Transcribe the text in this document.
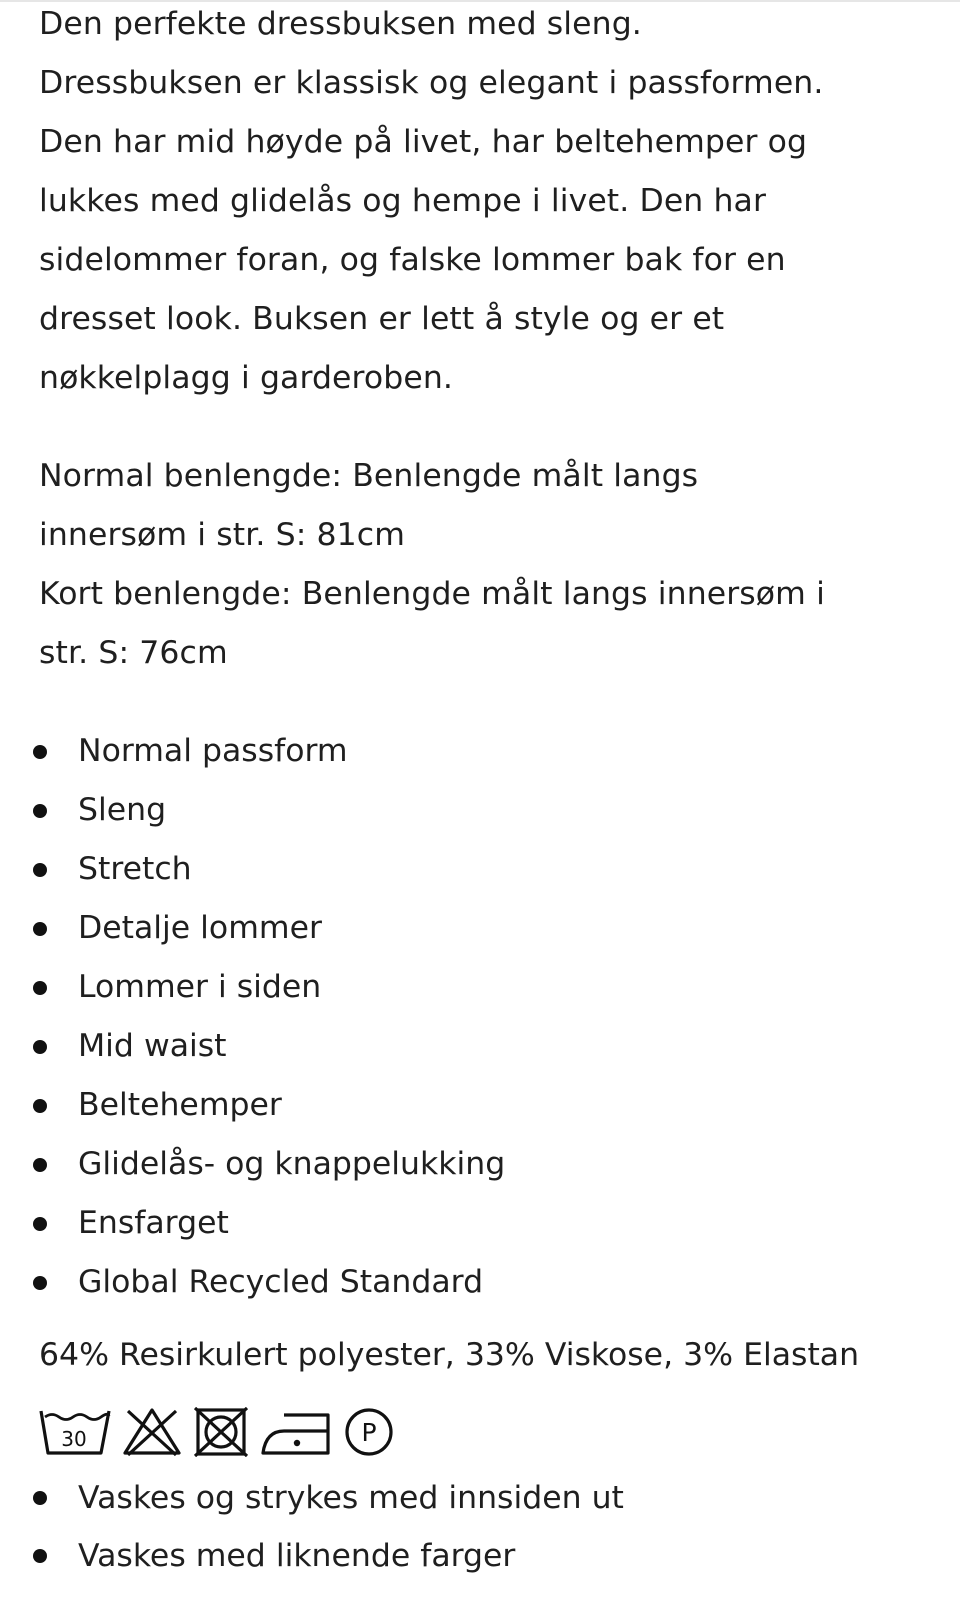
Den perfekte dressbuksen med sleng.
Dressbuksen er klassisk og elegant i passformen.
Den har mid høyde på livet, har beltehemper og
lukkes med glidelås og hempe i livet. Den har
sidelommer foran, og falske lommer bak for en
dresset look. Buksen er lett å style og er et
nøkkelplagg i garderoben.

Normal benlengde: Benlengde målt langs
innersøm i str. S: 81cm
Kort benlengde: Benlengde målt langs innersøm i
str. S: 76cm

Normal passform
Sleng
Stretch
Detalje lommer
Lommer i siden
Mid waist
Beltehemper
Glidelås- og knappelukking
Ensfarget
Global Recycled Standard

64% Resirkulert polyester, 33% Viskose, 3% Elastan

30	P
Vaskes og strykes med innsiden ut
Vaskes med liknende farger
